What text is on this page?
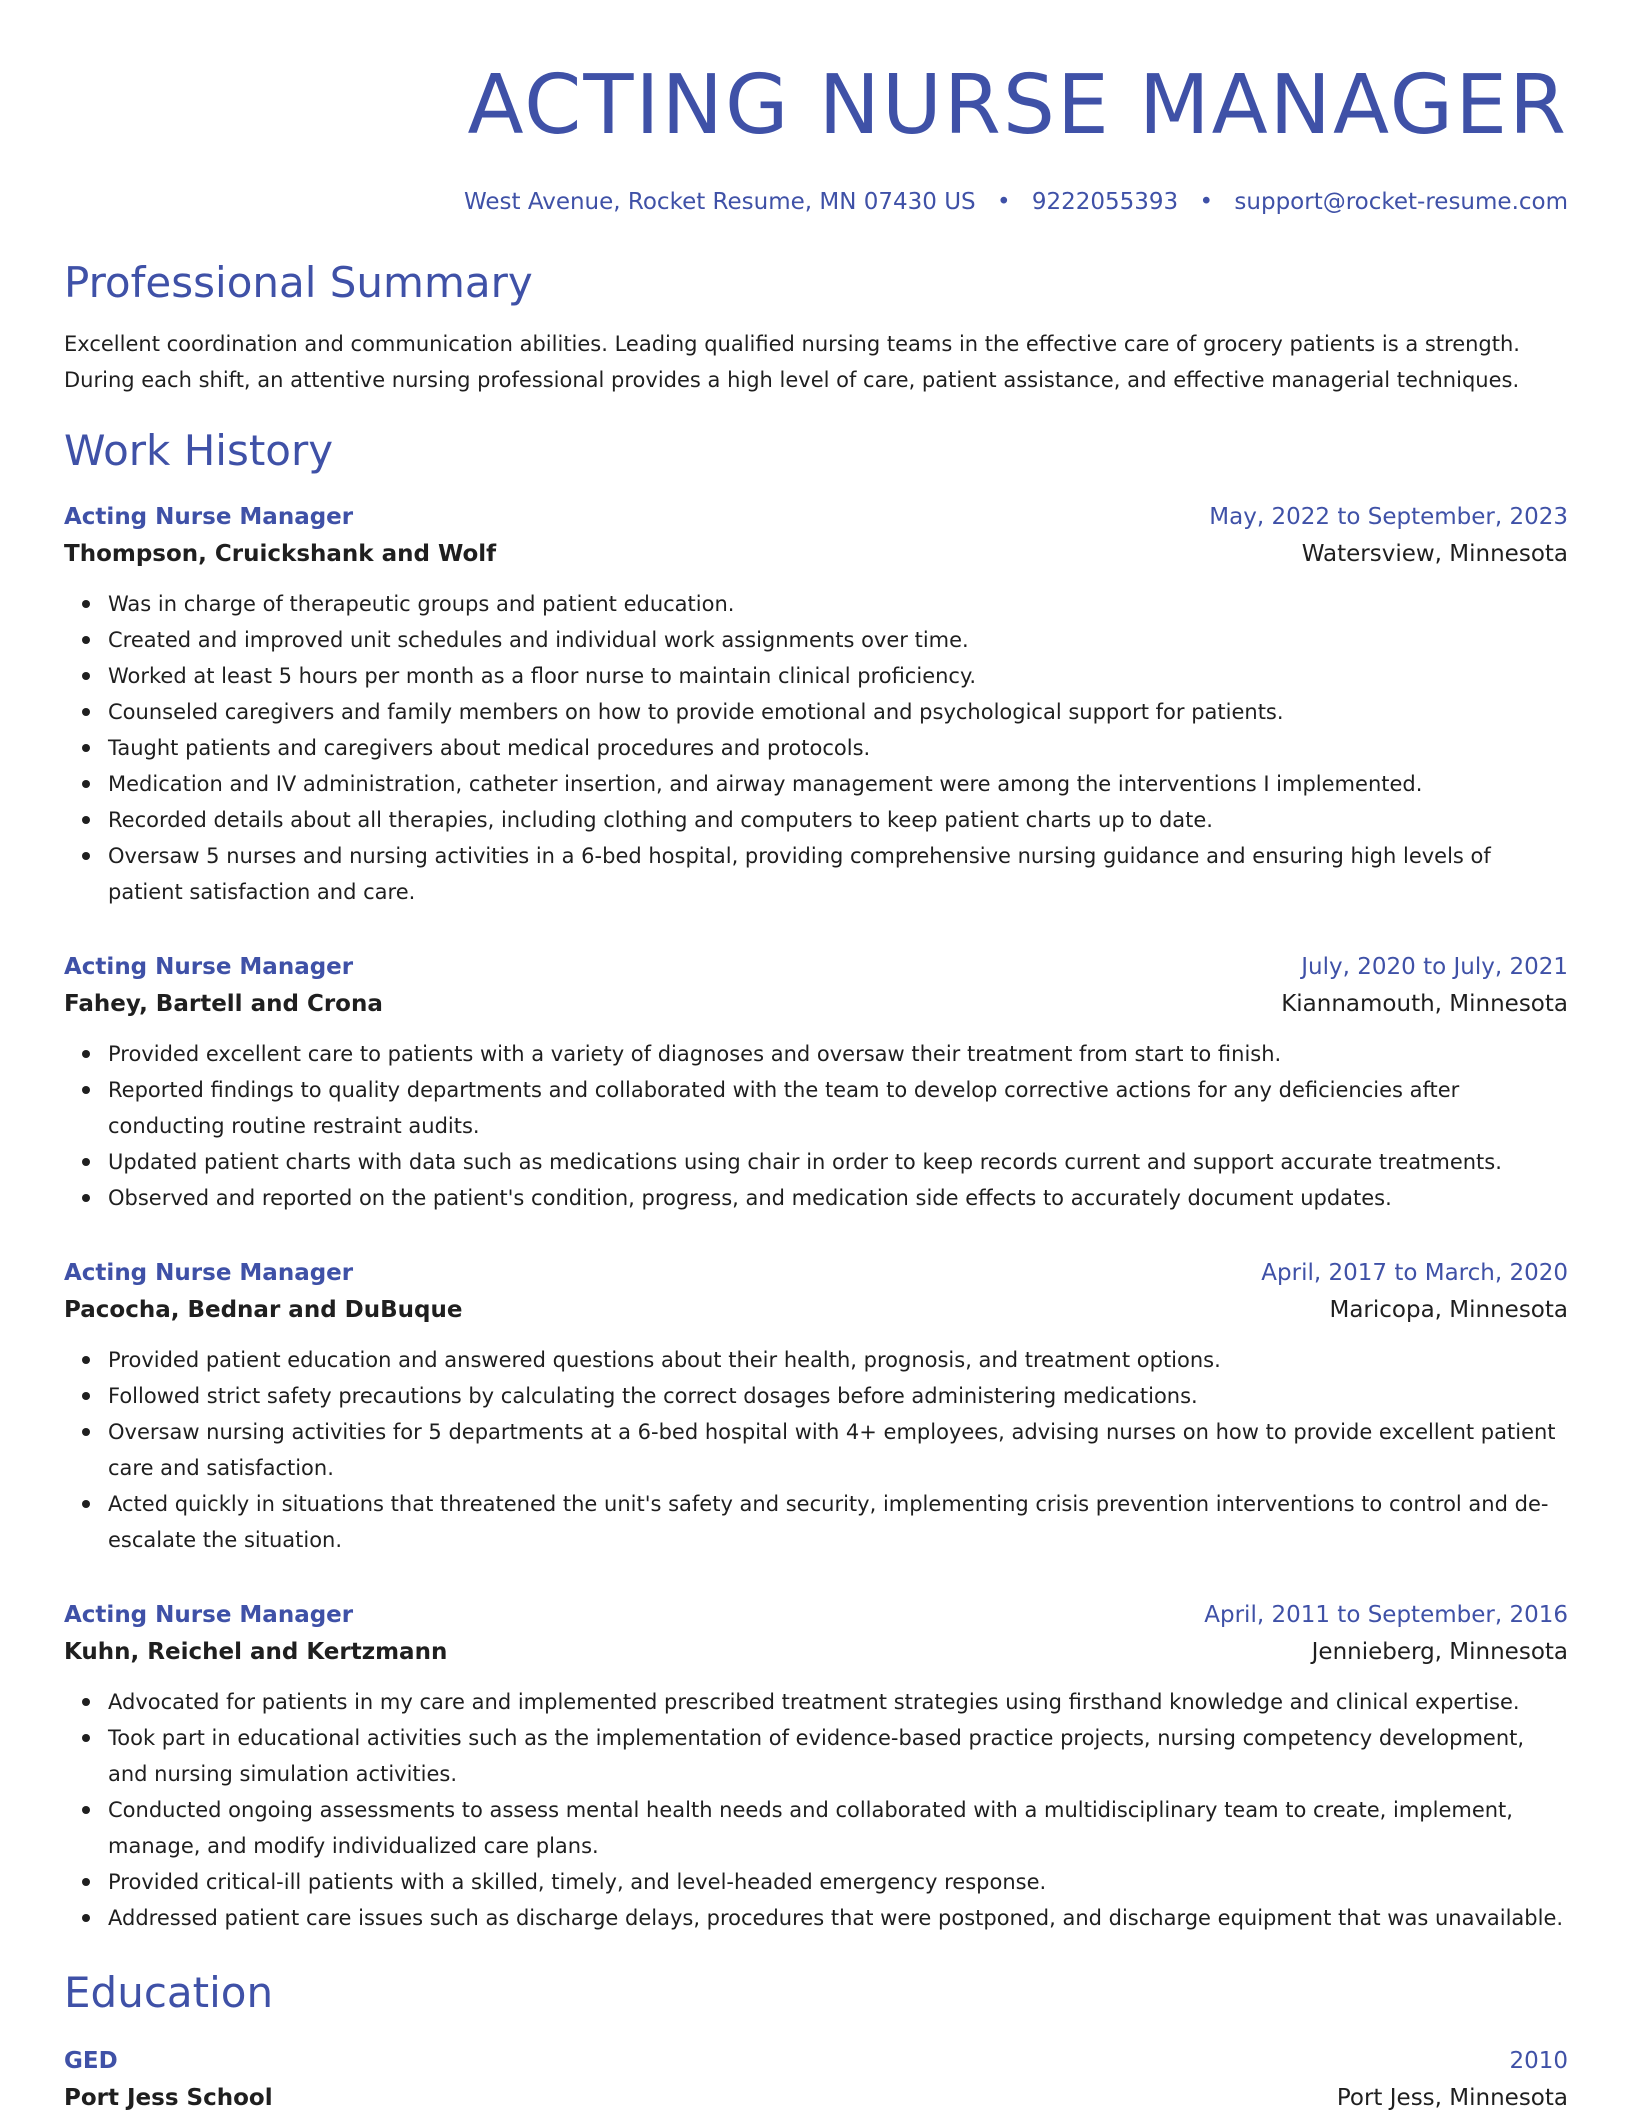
ACTING NURSE MANAGER
West Avenue, Rocket Resume, MN 07430 US • 9222055393 • support@rocket-resume.com
Professional Summary
Excellent coordination and communication abilities. Leading qualified nursing teams in the effective care of grocery patients is a strength. During each shift, an attentive nursing professional provides a high level of care, patient assistance, and effective managerial techniques.
Work History
Acting Nurse Manager	May, 2022 to September, 2023
Thompson, Cruickshank and Wolf	Watersview, Minnesota
Was in charge of therapeutic groups and patient education.
Created and improved unit schedules and individual work assignments over time.
Worked at least 5 hours per month as a floor nurse to maintain clinical proficiency.
Counseled caregivers and family members on how to provide emotional and psychological support for patients.
Taught patients and caregivers about medical procedures and protocols.
Medication and IV administration, catheter insertion, and airway management were among the interventions I implemented.
Recorded details about all therapies, including clothing and computers to keep patient charts up to date.
Oversaw 5 nurses and nursing activities in a 6-bed hospital, providing comprehensive nursing guidance and ensuring high levels of patient satisfaction and care.
Acting Nurse Manager	July, 2020 to July, 2021
Fahey, Bartell and Crona	Kiannamouth, Minnesota
Provided excellent care to patients with a variety of diagnoses and oversaw their treatment from start to finish.
Reported findings to quality departments and collaborated with the team to develop corrective actions for any deficiencies after conducting routine restraint audits.
Updated patient charts with data such as medications using chair in order to keep records current and support accurate treatments.
Observed and reported on the patient's condition, progress, and medication side effects to accurately document updates.
Acting Nurse Manager	April, 2017 to March, 2020
Pacocha, Bednar and DuBuque	Maricopa, Minnesota
Provided patient education and answered questions about their health, prognosis, and treatment options.
Followed strict safety precautions by calculating the correct dosages before administering medications.
Oversaw nursing activities for 5 departments at a 6-bed hospital with 4+ employees, advising nurses on how to provide excellent patient care and satisfaction.
Acted quickly in situations that threatened the unit's safety and security, implementing crisis prevention interventions to control and de-escalate the situation.
Acting Nurse Manager	April, 2011 to September, 2016
Kuhn, Reichel and Kertzmann	Jennieberg, Minnesota
Advocated for patients in my care and implemented prescribed treatment strategies using firsthand knowledge and clinical expertise.
Took part in educational activities such as the implementation of evidence-based practice projects, nursing competency development, and nursing simulation activities.
Conducted ongoing assessments to assess mental health needs and collaborated with a multidisciplinary team to create, implement, manage, and modify individualized care plans.
Provided critical-ill patients with a skilled, timely, and level-headed emergency response.
Addressed patient care issues such as discharge delays, procedures that were postponed, and discharge equipment that was unavailable.
Education
GED	2010
Port Jess School	Port Jess, Minnesota
